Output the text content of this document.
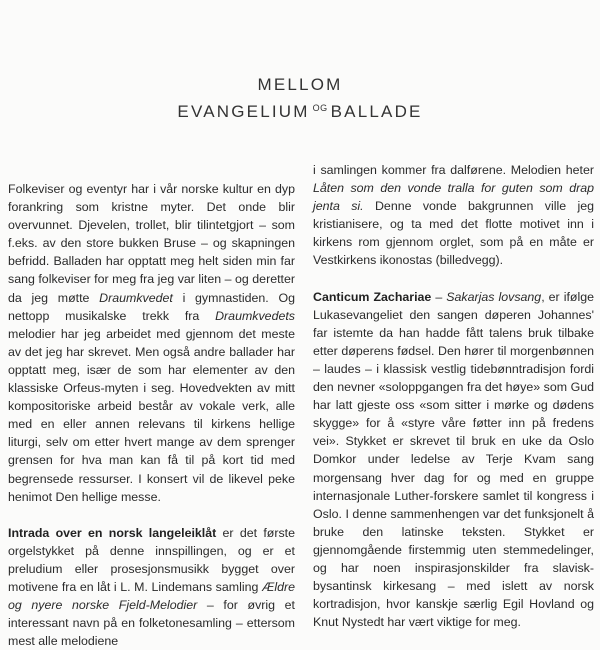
MELLOM
EVANGELIUM $^{OG}$ BALLADE

Folkeviser og eventyr har i vår norske kultur en dyp forankring som kristne myter. Det onde blir overvunnet. Djevelen, trollet, blir tilintetgjort – som f.eks. av den store bukken Bruse – og skapningen befridd. Balladen har opptatt meg helt siden min far sang folkeviser for meg fra jeg var liten – og deretter da jeg møtte Draumkvedet i gymnastiden. Og nettopp musikalske trekk fra Draumkvedets melodier har jeg arbeidet med gjennom det meste av det jeg har skrevet. Men også andre ballader har opptatt meg, især de som har elementer av den klassiske Orfeus-myten i seg. Hovedvekten av mitt kompositoriske arbeid består av vokale verk, alle med en eller annen relevans til kirkens hellige liturgi, selv om etter hvert mange av dem sprenger grensen for hva man kan få til på kort tid med begrensede ressurser. I konsert vil de likevel peke henimot Den hellige messe.

Intrada over en norsk langeleiklåt er det første orgelstykket på denne innspillingen, og er et preludium eller prosesjonsmusikk bygget over motivene fra en låt i L. M. Lindemans samling Ældre og nyere norske Fjeld-Melodier – for øvrig et interessant navn på en folketonesamling – ettersom mest alle melodiene

i samlingen kommer fra dalførene. Melodien heter Låten som den vonde tralla for guten som drap jenta si. Denne vonde bakgrunnen ville jeg kristianisere, og ta med det flotte motivet inn i kirkens rom gjennom orglet, som på en måte er Vestkirkens ikonostas (billedvegg).

Canticum Zachariae – Sakarjas lovsang, er ifølge Lukasevangeliet den sangen døperen Johannes' far istemte da han hadde fått talens bruk tilbake etter døperens fødsel. Den hører til morgenbønnen – laudes – i klassisk vestlig tidebønntradisjon fordi den nevner «soloppgangen fra det høye» som Gud har latt gjeste oss «som sitter i mørke og dødens skygge» for å «styre våre føtter inn på fredens vei». Stykket er skrevet til bruk en uke da Oslo Domkor under ledelse av Terje Kvam sang morgensang hver dag for og med en gruppe internasjonale Luther-forskere samlet til kongress i Oslo. I denne sammenhengen var det funksjonelt å bruke den latinske teksten. Stykket er gjennomgående firstemmig uten stemmedelinger, og har noen inspirasjonskilder fra slavisk-bysantinsk kirkesang – med islett av norsk kortradisjon, hvor kanskje særlig Egil Hovland og Knut Nystedt har vært viktige for meg.
